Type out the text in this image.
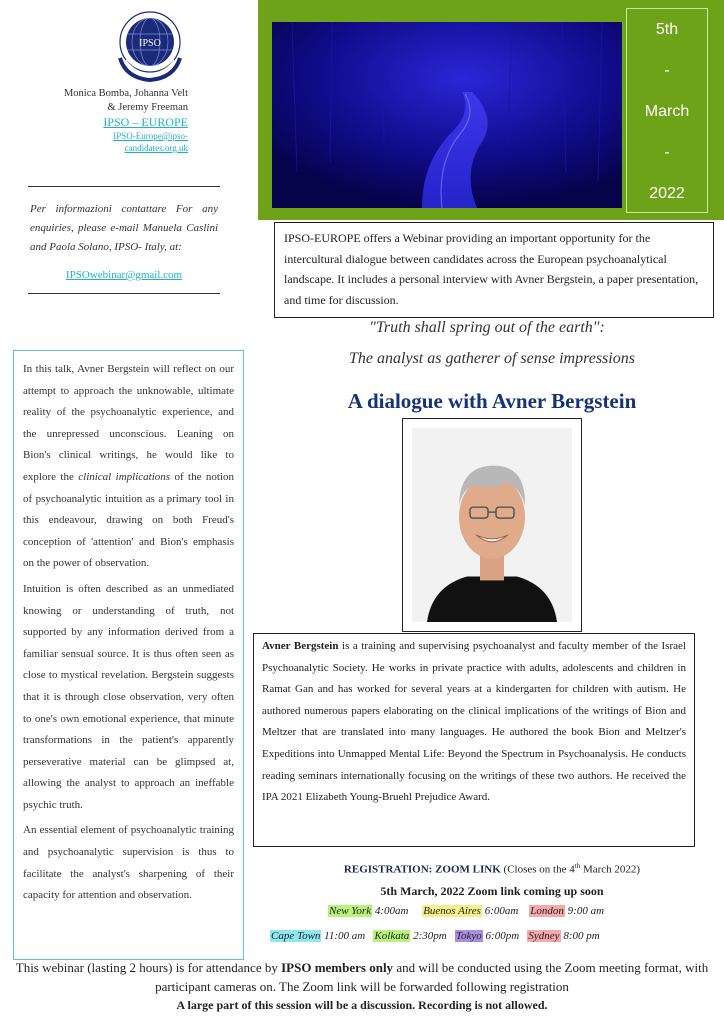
IPSO
Monica Bomba, Johanna Velt & Jeremy Freeman
IPSO – EUROPE
IPSO-Europe@ipso-candidates.org.uk
Per informazioni contattare For any enquiries, please e-mail Manuela Caslini and Paola Solano, IPSO- Italy, at:
IPSOwebinar@gmail.com
5th
-
March
-
2022
IPSO-EUROPE offers a Webinar providing an important opportunity for the intercultural dialogue between candidates across the European psychoanalytical landscape. It includes a personal interview with Avner Bergstein, a paper presentation, and time for discussion.
"Truth shall spring out of the earth":
The analyst as gatherer of sense impressions
A dialogue with Avner Bergstein

In this talk, Avner Bergstein will reflect on our attempt to approach the unknowable, ultimate reality of the psychoanalytic experience, and the unrepressed unconscious. Leaning on Bion's clinical writings, he would like to explore the clinical implications of the notion of psychoanalytic intuition as a primary tool in this endeavour, drawing on both Freud's conception of 'attention' and Bion's emphasis on the power of observation.

Intuition is often described as an unmediated knowing or understanding of truth, not supported by any information derived from a familiar sensual source. It is thus often seen as close to mystical revelation. Bergstein suggests that it is through close observation, very often to one's own emotional experience, that minute transformations in the patient's apparently perseverative material can be glimpsed at, allowing the analyst to approach an ineffable psychic truth.

An essential element of psychoanalytic training and psychoanalytic supervision is thus to facilitate the analyst's sharpening of their capacity for attention and observation.

Avner Bergstein is a training and supervising psychoanalyst and faculty member of the Israel Psychoanalytic Society. He works in private practice with adults, adolescents and children in Ramat Gan and has worked for several years at a kindergarten for children with autism. He authored numerous papers elaborating on the clinical implications of the writings of Bion and Meltzer that are translated into many languages. He authored the book Bion and Meltzer's Expeditions into Unmapped Mental Life: Beyond the Spectrum in Psychoanalysis. He conducts reading seminars internationally focusing on the writings of these two authors. He received the IPA 2021 Elizabeth Young-Bruehl Prejudice Award.
REGISTRATION: ZOOM LINK (Closes on the 4th March 2022)
5th March, 2022 Zoom link coming up soon
New York 4:00am Buenos Aires 6:00am London 9:00 am
Cape Town 11:00 am Kolkata 2:30pm Tokyo 6:00pm Sydney 8:00 pm
This webinar (lasting 2 hours) is for attendance by IPSO members only and will be conducted using the Zoom meeting format, with participant cameras on. The Zoom link will be forwarded following registration
A large part of this session will be a discussion. Recording is not allowed.
